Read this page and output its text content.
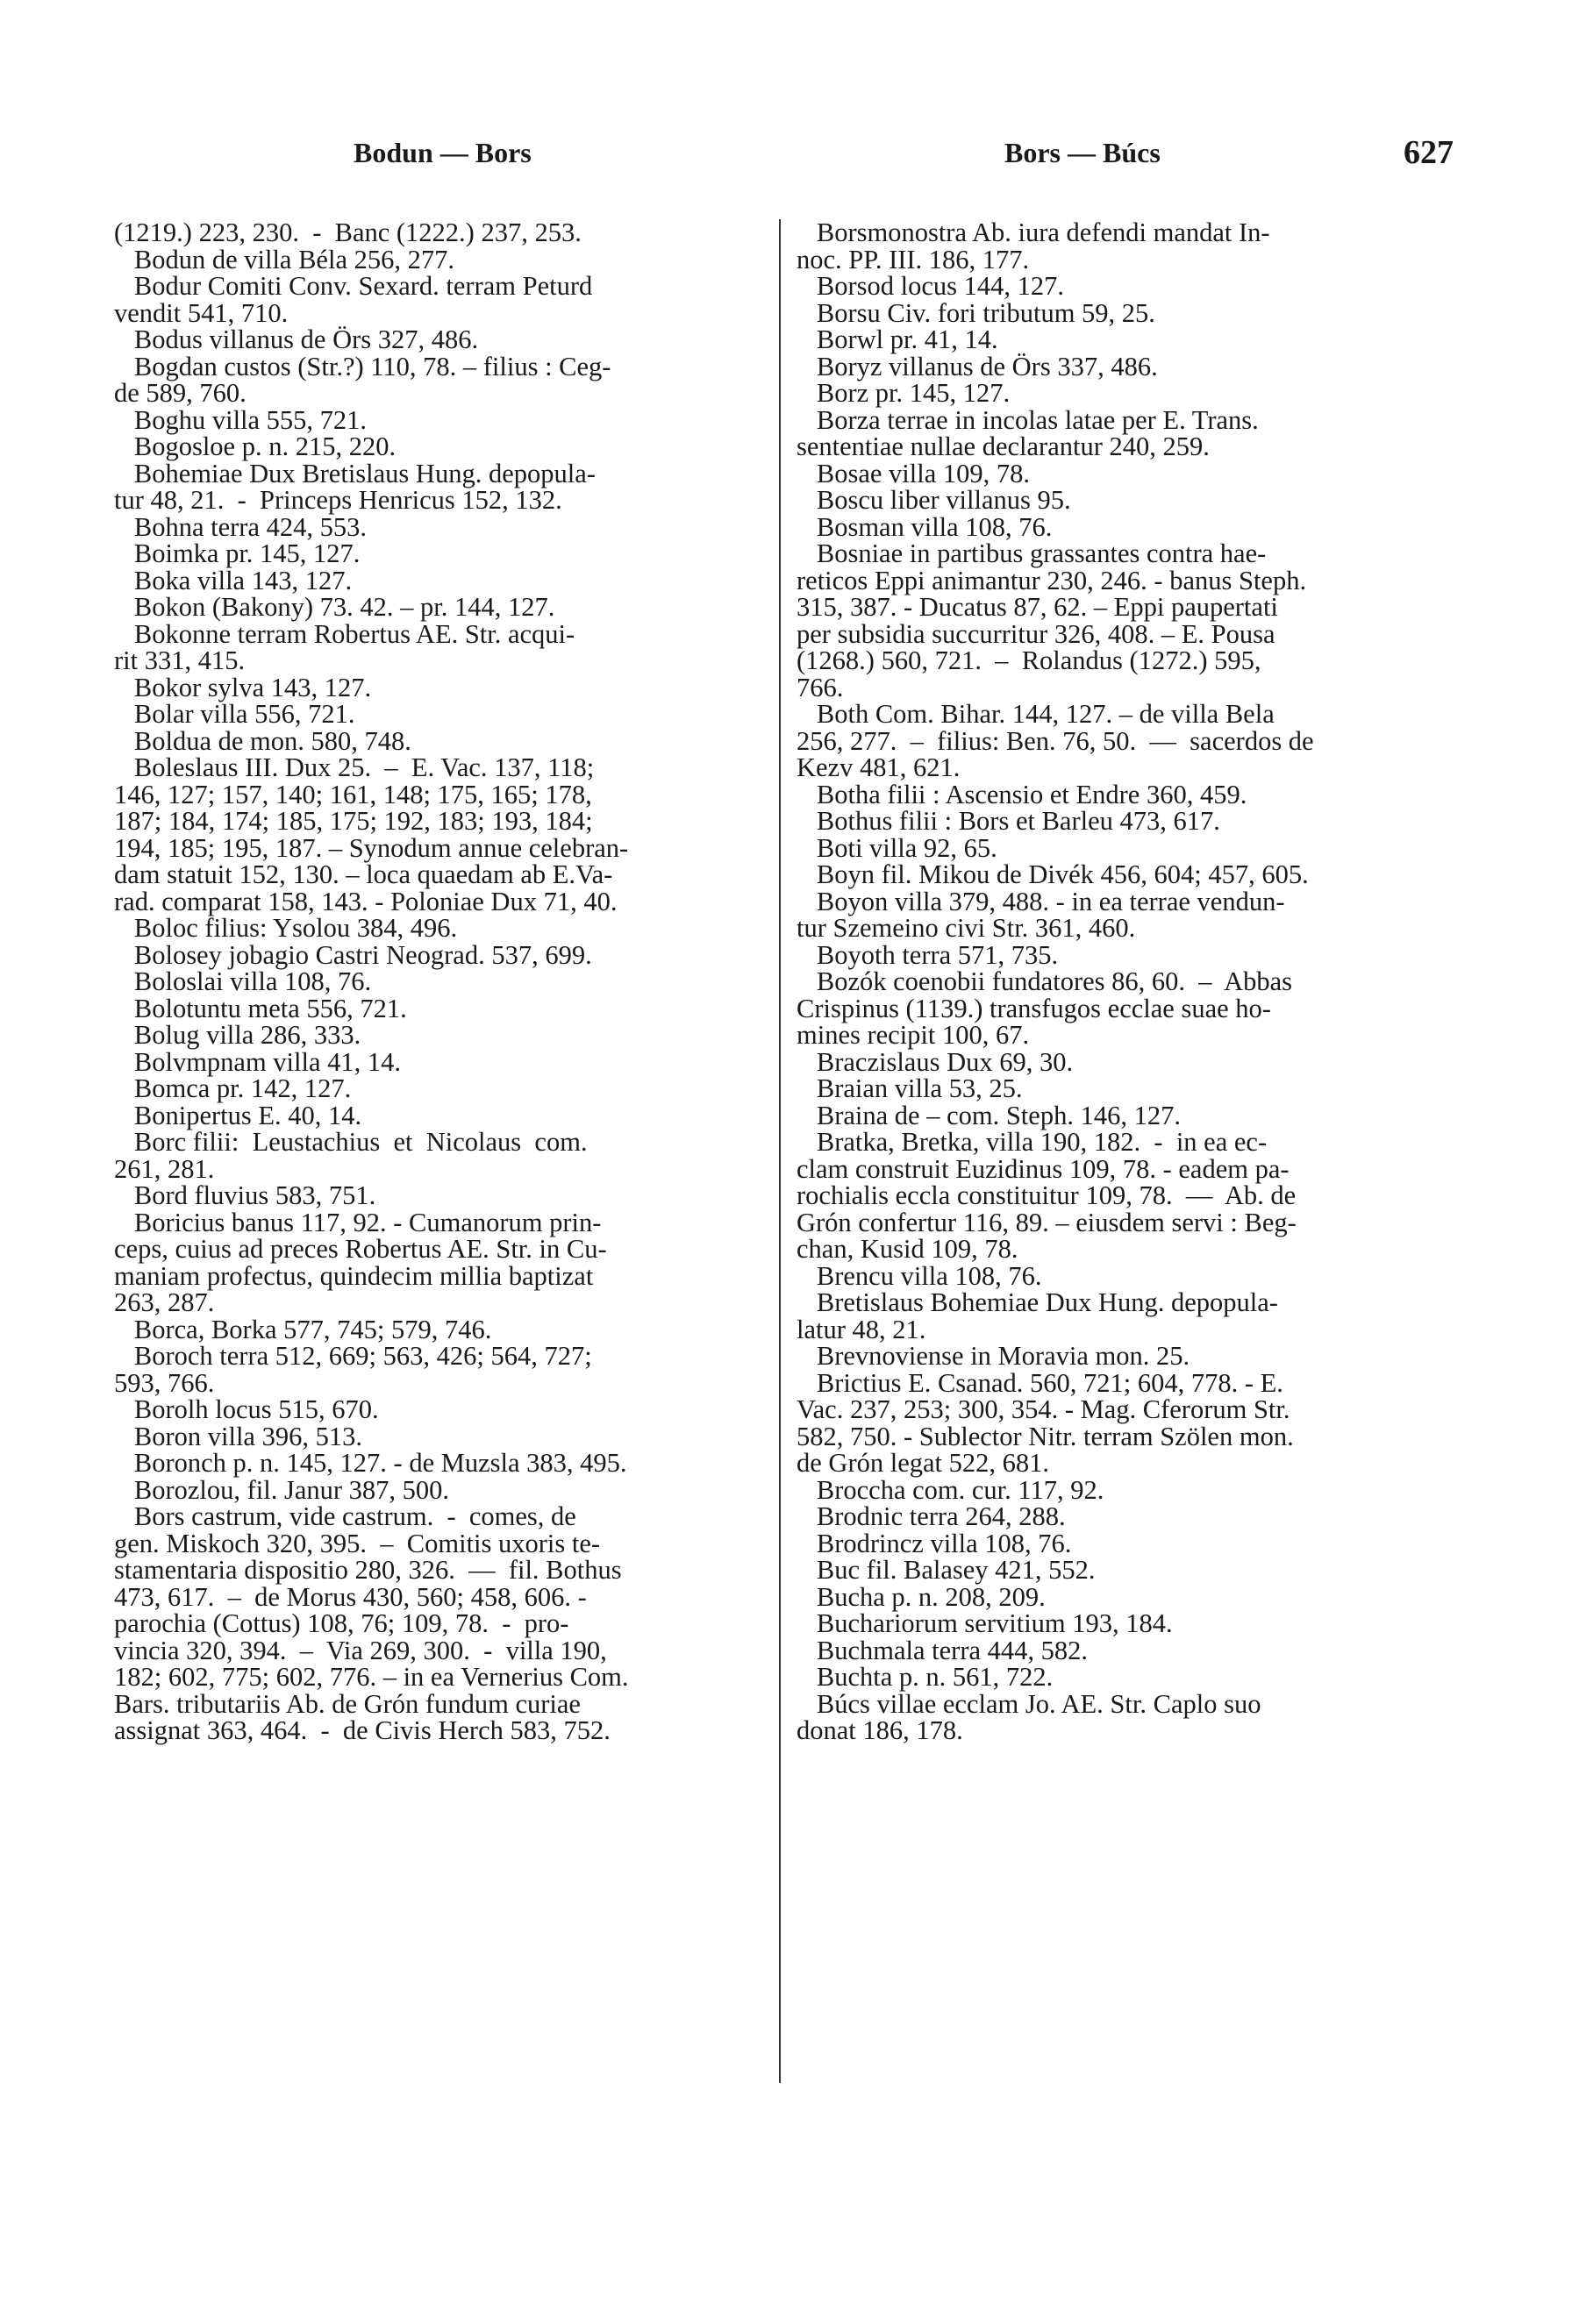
Bodun — Bors	Bors — Búcs	627
(1219.) 223, 230.  -  Banc (1222.) 237, 253.
Bodun de villa Béla 256, 277.
Bodur Comiti Conv. Sexard. terram Peturd
vendit 541, 710.
Bodus villanus de Örs 327, 486.
Bogdan custos (Str.?) 110, 78. – filius : Ceg-
de 589, 760.
Boghu villa 555, 721.
Bogosloe p. n. 215, 220.
Bohemiae Dux Bretislaus Hung. depopula-
tur 48, 21.  -  Princeps Henricus 152, 132.
Bohna terra 424, 553.
Boimka pr. 145, 127.
Boka villa 143, 127.
Bokon (Bakony) 73. 42. – pr. 144, 127.
Bokonne terram Robertus AE. Str. acqui-
rit 331, 415.
Bokor sylva 143, 127.
Bolar villa 556, 721.
Boldua de mon. 580, 748.
Boleslaus III. Dux 25.  –  E. Vac. 137, 118;
146, 127; 157, 140; 161, 148; 175, 165; 178,
187; 184, 174; 185, 175; 192, 183; 193, 184;
194, 185; 195, 187. – Synodum annue celebran-
dam statuit 152, 130. – loca quaedam ab E.Va-
rad. comparat 158, 143. - Poloniae Dux 71, 40.
Boloc filius: Ysolou 384, 496.
Bolosey jobagio Castri Neograd. 537, 699.
Boloslai villa 108, 76.
Bolotuntu meta 556, 721.
Bolug villa 286, 333.
Bolvmpnam villa 41, 14.
Bomca pr. 142, 127.
Bonipertus E. 40, 14.
Borc filii:  Leustachius  et  Nicolaus  com.
261, 281.
Bord fluvius 583, 751.
Boricius banus 117, 92. - Cumanorum prin-
ceps, cuius ad preces Robertus AE. Str. in Cu-
maniam profectus, quindecim millia baptizat
263, 287.
Borca, Borka 577, 745; 579, 746.
Boroch terra 512, 669; 563, 426; 564, 727;
593, 766.
Borolh locus 515, 670.
Boron villa 396, 513.
Boronch p. n. 145, 127. - de Muzsla 383, 495.
Borozlou, fil. Janur 387, 500.
Bors castrum, vide castrum.  -  comes, de
gen. Miskoch 320, 395.  –  Comitis uxoris te-
stamentaria dispositio 280, 326.  —  fil. Bothus
473, 617.  –  de Morus 430, 560; 458, 606. -
parochia (Cottus) 108, 76; 109, 78.  -  pro-
vincia 320, 394.  –  Via 269, 300.  -  villa 190,
182; 602, 775; 602, 776. – in ea Vernerius Com.
Bars. tributariis Ab. de Grón fundum curiae
assignat 363, 464.  -  de Civis Herch 583, 752.
Borsmonostra Ab. iura defendi mandat In-
noc. PP. III. 186, 177.
Borsod locus 144, 127.
Borsu Civ. fori tributum 59, 25.
Borwl pr. 41, 14.
Boryz villanus de Örs 337, 486.
Borz pr. 145, 127.
Borza terrae in incolas latae per E. Trans.
sententiae nullae declarantur 240, 259.
Bosae villa 109, 78.
Boscu liber villanus 95.
Bosman villa 108, 76.
Bosniae in partibus grassantes contra hae-
reticos Eppi animantur 230, 246. - banus Steph.
315, 387. - Ducatus 87, 62. – Eppi paupertati
per subsidia succurritur 326, 408. – E. Pousa
(1268.) 560, 721.  –  Rolandus (1272.) 595,
766.
Both Com. Bihar. 144, 127. – de villa Bela
256, 277.  –  filius: Ben. 76, 50.  —  sacerdos de
Kezv 481, 621.
Botha filii : Ascensio et Endre 360, 459.
Bothus filii : Bors et Barleu 473, 617.
Boti villa 92, 65.
Boyn fil. Mikou de Divék 456, 604; 457, 605.
Boyon villa 379, 488. - in ea terrae vendun-
tur Szemeino civi Str. 361, 460.
Boyoth terra 571, 735.
Bozók coenobii fundatores 86, 60.  –  Abbas
Crispinus (1139.) transfugos ecclae suae ho-
mines recipit 100, 67.
Braczislaus Dux 69, 30.
Braian villa 53, 25.
Braina de – com. Steph. 146, 127.
Bratka, Bretka, villa 190, 182.  -  in ea ec-
clam construit Euzidinus 109, 78. - eadem pa-
rochialis eccla constituitur 109, 78.  —  Ab. de
Grón confertur 116, 89. – eiusdem servi : Beg-
chan, Kusid 109, 78.
Brencu villa 108, 76.
Bretislaus Bohemiae Dux Hung. depopula-
latur 48, 21.
Brevnoviense in Moravia mon. 25.
Brictius E. Csanad. 560, 721; 604, 778. - E.
Vac. 237, 253; 300, 354. - Mag. Cferorum Str.
582, 750. - Sublector Nitr. terram Szölen mon.
de Grón legat 522, 681.
Broccha com. cur. 117, 92.
Brodnic terra 264, 288.
Brodrincz villa 108, 76.
Buc fil. Balasey 421, 552.
Bucha p. n. 208, 209.
Buchariorum servitium 193, 184.
Buchmala terra 444, 582.
Buchta p. n. 561, 722.
Búcs villae ecclam Jo. AE. Str. Caplo suo
donat 186, 178.
